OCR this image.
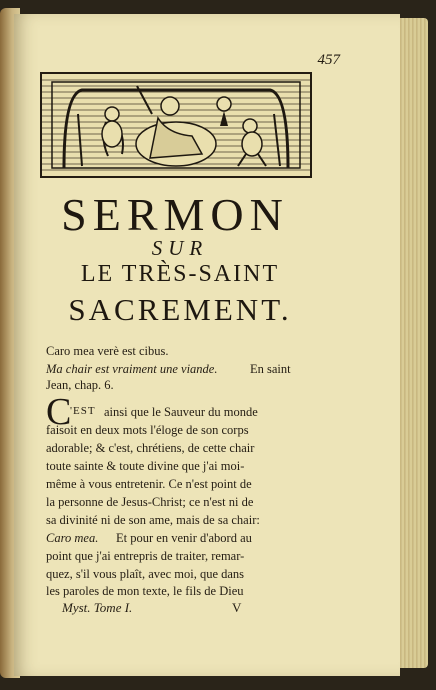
457
SERMON
SUR
LE TRÈS-SAINT
SACREMENT.
Caro mea verè est cibus.
Ma chair est vraiment une viande.	En saint
Jean, chap. 6.
C
'EST ainsi que le Sauveur du monde
faisoit en deux mots l'éloge de son corps
adorable; & c'est, chrétiens, de cette chair
toute sainte & toute divine que j'ai moi-
même à vous entretenir. Ce n'est point de
la personne de Jesus-Christ; ce n'est ni de
sa divinité ni de son ame, mais de sa chair:
Caro mea. Et pour en venir d'abord au
point que j'ai entrepris de traiter, remar-
quez, s'il vous plaît, avec moi, que dans
les paroles de mon texte, le fils de Dieu
Myst. Tome I.	V
